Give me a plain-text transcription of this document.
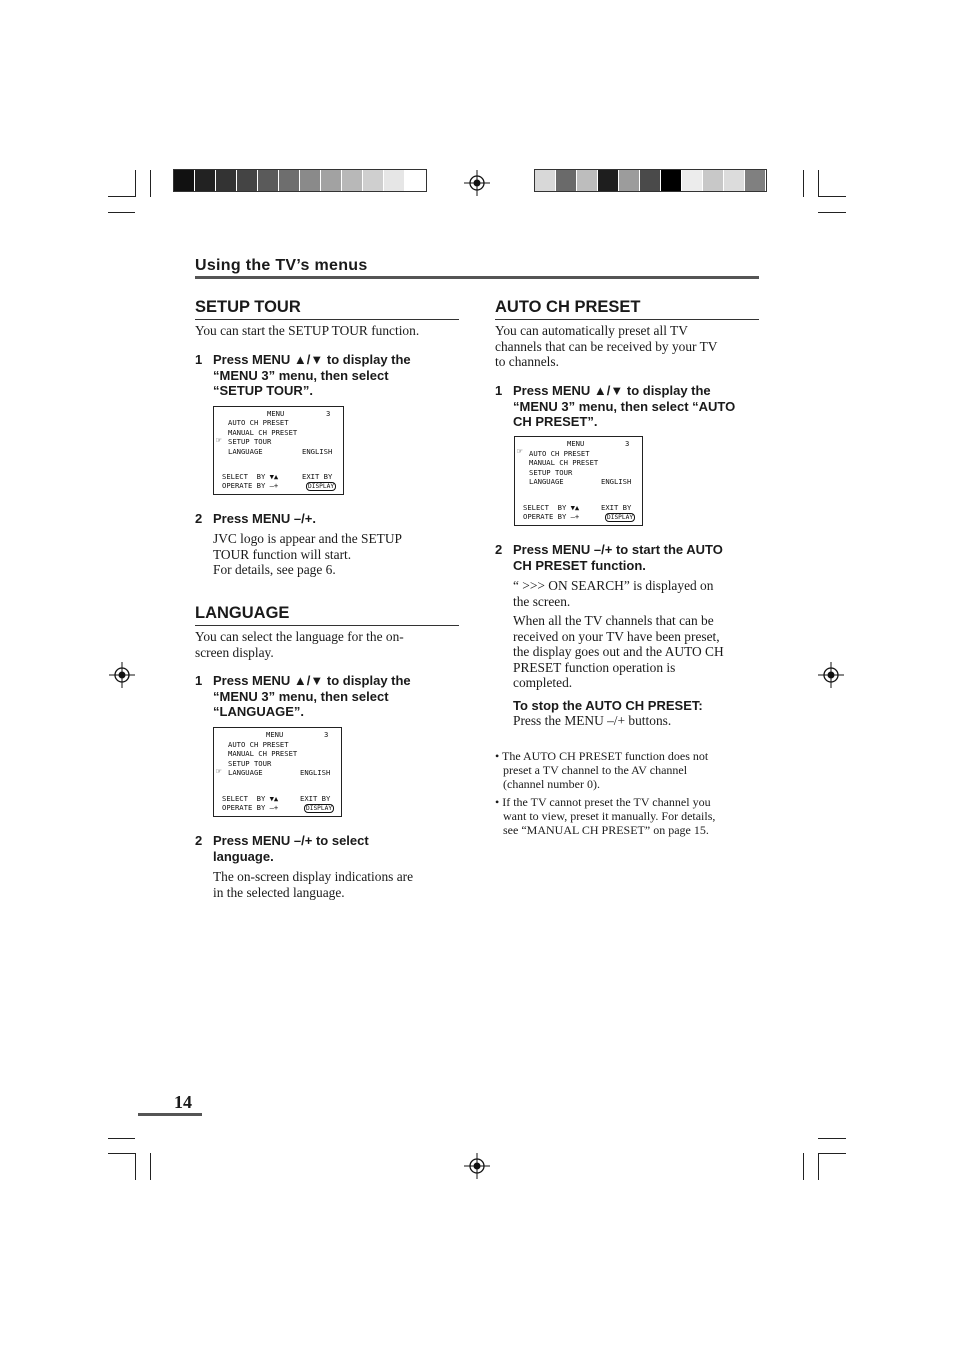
Using the TV’s menus
SETUP TOUR
You can start the SETUP TOUR function.
1 Press MENU ▲/▼ to display the
“MENU 3” menu, then select
“SETUP TOUR”.
MENU	3
AUTO CH PRESET
MANUAL CH PRESET
☞ SETUP TOUR
LANGUAGE	ENGLISH
SELECT  BY ▼▲	EXIT BY
OPERATE BY –+	DISPLAY
2 Press MENU –/+.
JVC logo is appear and the SETUP
TOUR function will start.
For details, see page 6.
LANGUAGE
You can select the language for the on-
screen display.
1 Press MENU ▲/▼ to display the
“MENU 3” menu, then select
“LANGUAGE”.
MENU	3
AUTO CH PRESET
MANUAL CH PRESET
SETUP TOUR
☞ LANGUAGE	ENGLISH
SELECT  BY ▼▲	EXIT BY
OPERATE BY –+	DISPLAY
2 Press MENU –/+ to select
language.
The on-screen display indications are
in the selected language.
AUTO CH PRESET
You can automatically preset all TV
channels that can be received by your TV
to channels.
1 Press MENU ▲/▼ to display the
“MENU 3” menu, then select “AUTO
CH PRESET”.
MENU	3
☞ AUTO CH PRESET
MANUAL CH PRESET
SETUP TOUR
LANGUAGE	ENGLISH
SELECT  BY ▼▲	EXIT BY
OPERATE BY –+	DISPLAY
2 Press MENU –/+ to start the AUTO
CH PRESET function.
“ >>> ON SEARCH” is displayed on
the screen.
When all the TV channels that can be
received on your TV have been preset,
the display goes out and the AUTO CH
PRESET function operation is
completed.
To stop the AUTO CH PRESET:
Press the MENU –/+ buttons.
• The AUTO CH PRESET function does not
preset a TV channel to the AV channel
(channel number 0).
• If the TV cannot preset the TV channel you
want to view, preset it manually. For details,
see “MANUAL CH PRESET” on page 15.
14
